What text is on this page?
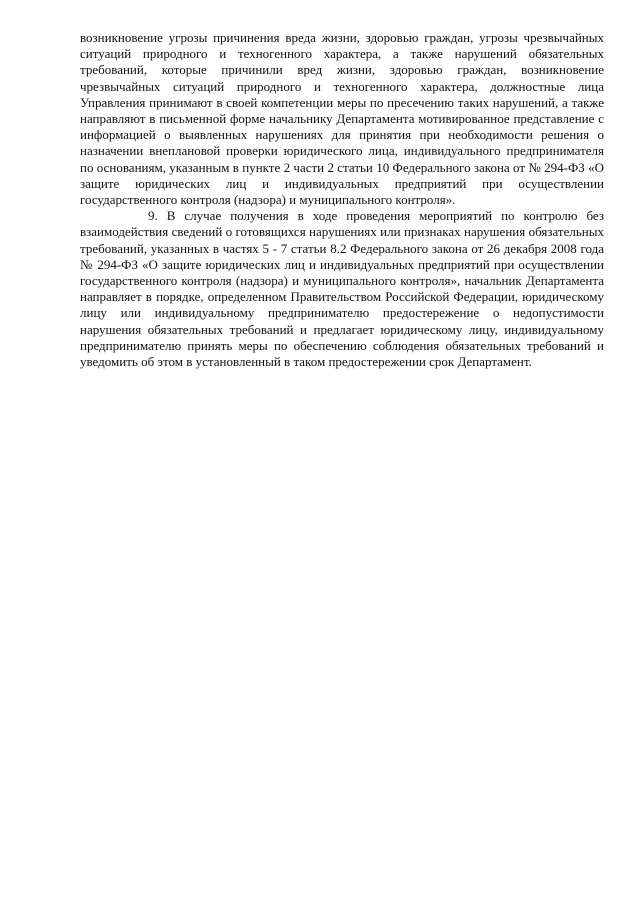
возникновение угрозы причинения вреда жизни, здоровью граждан, угрозы чрезвычайных ситуаций природного и техногенного характера, а также нарушений обязательных требований, которые причинили вред жизни, здоровью граждан, возникновение чрезвычайных ситуаций природного и техногенного характера, должностные лица Управления принимают в своей компетенции меры по пресечению таких нарушений, а также направляют в письменной форме начальнику Департамента мотивированное представление с информацией о выявленных нарушениях для принятия при необходимости решения о назначении внеплановой проверки юридического лица, индивидуального предпринимателя по основаниям, указанным в пункте 2 части 2 статьи 10 Федерального закона от № 294-ФЗ «О защите юридических лиц и индивидуальных предприятий при осуществлении государственного контроля (надзора) и муниципального контроля».

9. В случае получения в ходе проведения мероприятий по контролю без взаимодействия сведений о готовящихся нарушениях или признаках нарушения обязательных требований, указанных в частях 5 - 7 статьи 8.2 Федерального закона от 26 декабря 2008 года № 294-ФЗ «О защите юридических лиц и индивидуальных предприятий при осуществлении государственного контроля (надзора) и муниципального контроля», начальник Департамента направляет в порядке, определенном Правительством Российской Федерации, юридическому лицу или индивидуальному предпринимателю предостережение о недопустимости нарушения обязательных требований и предлагает юридическому лицу, индивидуальному предпринимателю принять меры по обеспечению соблюдения обязательных требований и уведомить об этом в установленный в таком предостережении срок Департамент.
